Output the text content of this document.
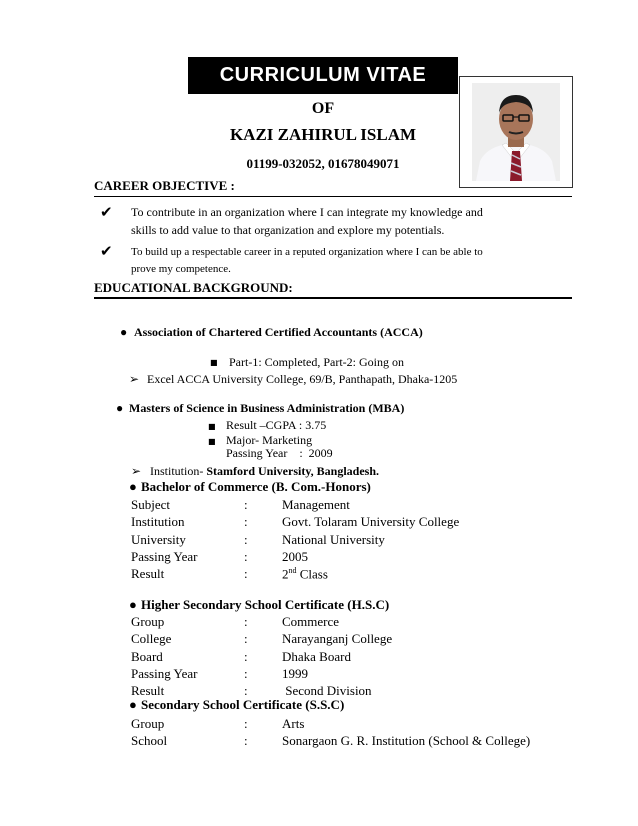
CURRICULUM VITAE
OF
KAZI ZAHIRUL ISLAM
01199-032052, 01678049071
CAREER OBJECTIVE :
✔ To contribute in an organization where I can integrate my knowledge and
skills to add value to that organization and explore my potentials.
✔ To build up a respectable career in a reputed organization where I can be able to
prove my competence.
EDUCATIONAL BACKGROUND:
● Association of Chartered Certified Accountants (ACCA)
■ Part-1: Completed, Part-2: Going on
➢ Excel ACCA University College, 69/B, Panthapath, Dhaka-1205
● Masters of Science in Business Administration (MBA)
■ Result –CGPA : 3.75
■ Major- Marketing
Passing Year    :  2009
➢ Institution- Stamford University, Bangladesh.
● Bachelor of Commerce (B. Com.-Honors)
Subject	:	Management
Institution	:	Govt. Tolaram University College
University	:	National University
Passing Year	:	2005
Result	:	2nd Class
● Higher Secondary School Certificate (H.S.C)
Group	:	Commerce
College	:	Narayanganj College
Board	:	Dhaka Board
Passing Year	:	1999
Result	:	Second Division
● Secondary School Certificate (S.S.C)
Group	:	Arts
School	:	Sonargaon G. R. Institution (School & College)
